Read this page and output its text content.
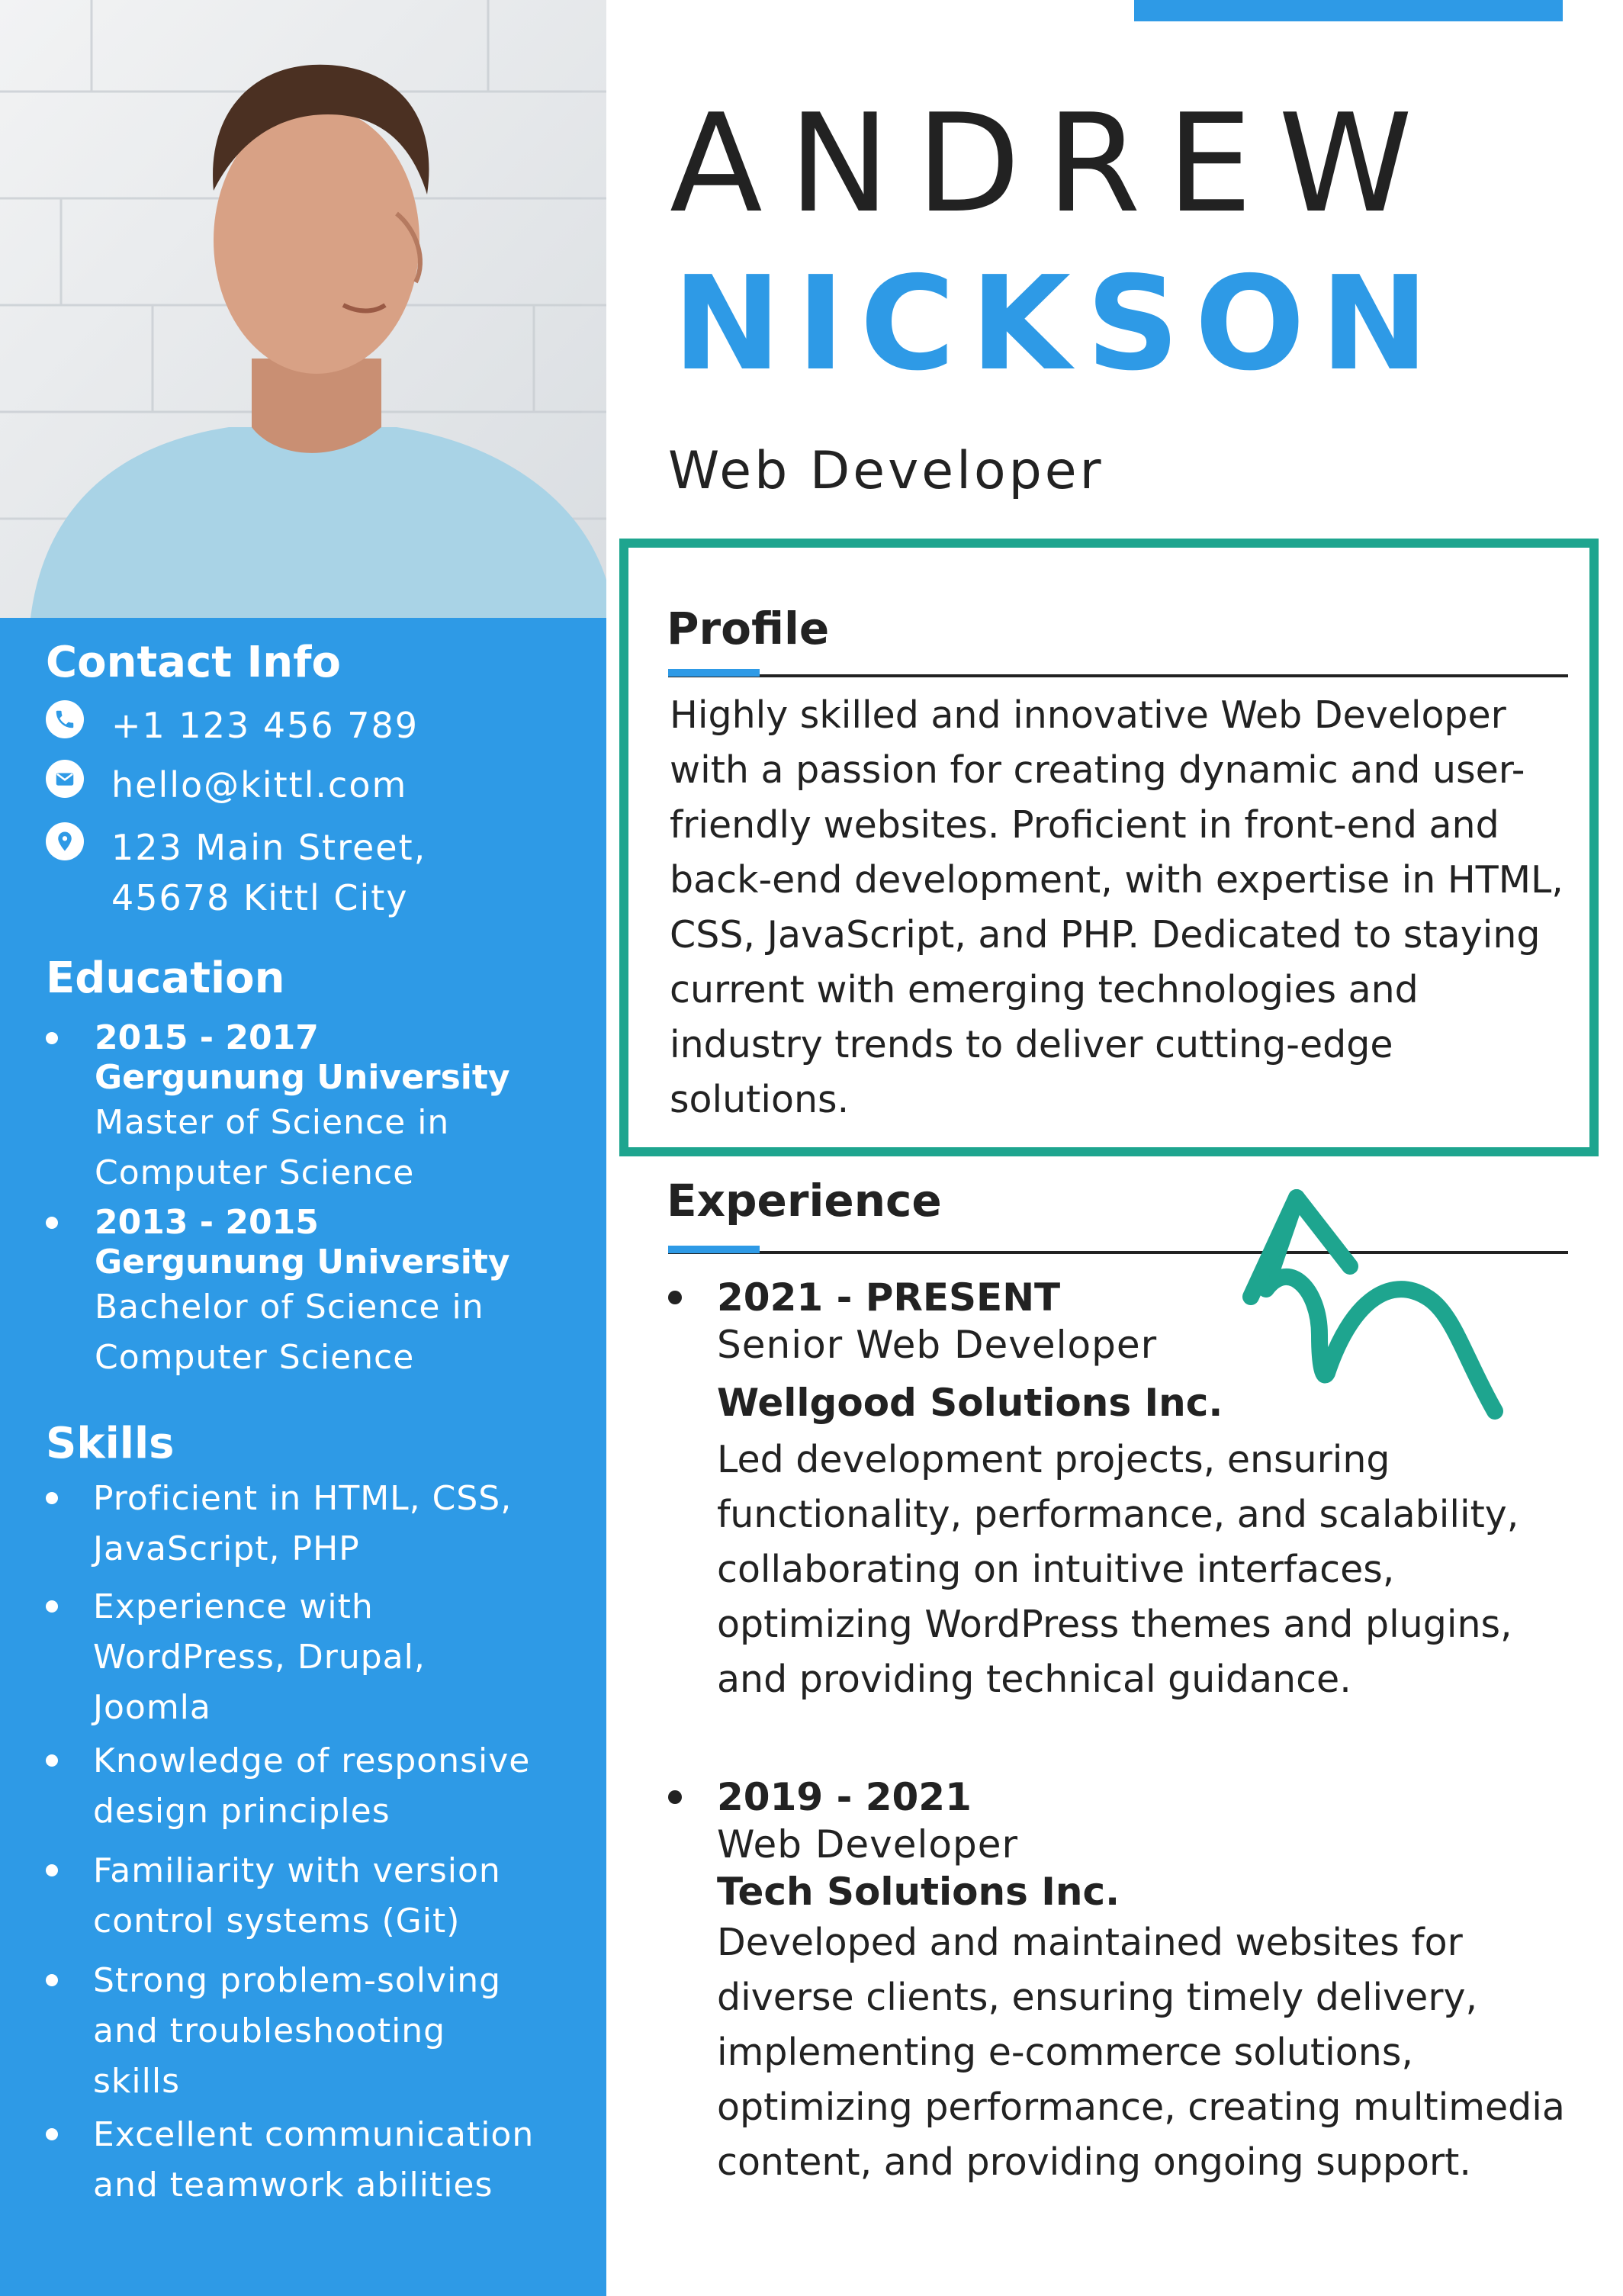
Contact Info
+1 123 456 789
hello@kittl.com
123 Main Street,
45678 Kittl City
Education
2015 - 2017
Gergunung University
Master of Science in Computer Science
2013 - 2015
Gergunung University
Bachelor of Science in Computer Science
Skills
Proficient in HTML, CSS, JavaScript, PHP
Experience with WordPress, Drupal, Joomla
Knowledge of responsive design principles
Familiarity with version control systems (Git)
Strong problem-solving and troubleshooting skills
Excellent communication and teamwork abilities
ANDREW
NICKSON
Web Developer
Profile

Highly skilled and innovative Web Developer with a passion for creating dynamic and user-friendly websites. Proficient in front-end and back-end development, with expertise in HTML, CSS, JavaScript, and PHP. Dedicated to staying current with emerging technologies and industry trends to deliver cutting-edge solutions.

Experience
2021 - PRESENT
Senior Web Developer
Wellgood Solutions Inc.
Led development projects, ensuring functionality, performance, and scalability, collaborating on intuitive interfaces, optimizing WordPress themes and plugins, and providing technical guidance.
2019 - 2021
Web Developer
Tech Solutions Inc.
Developed and maintained websites for diverse clients, ensuring timely delivery, implementing e-commerce solutions, optimizing performance, creating multimedia content, and providing ongoing support.
